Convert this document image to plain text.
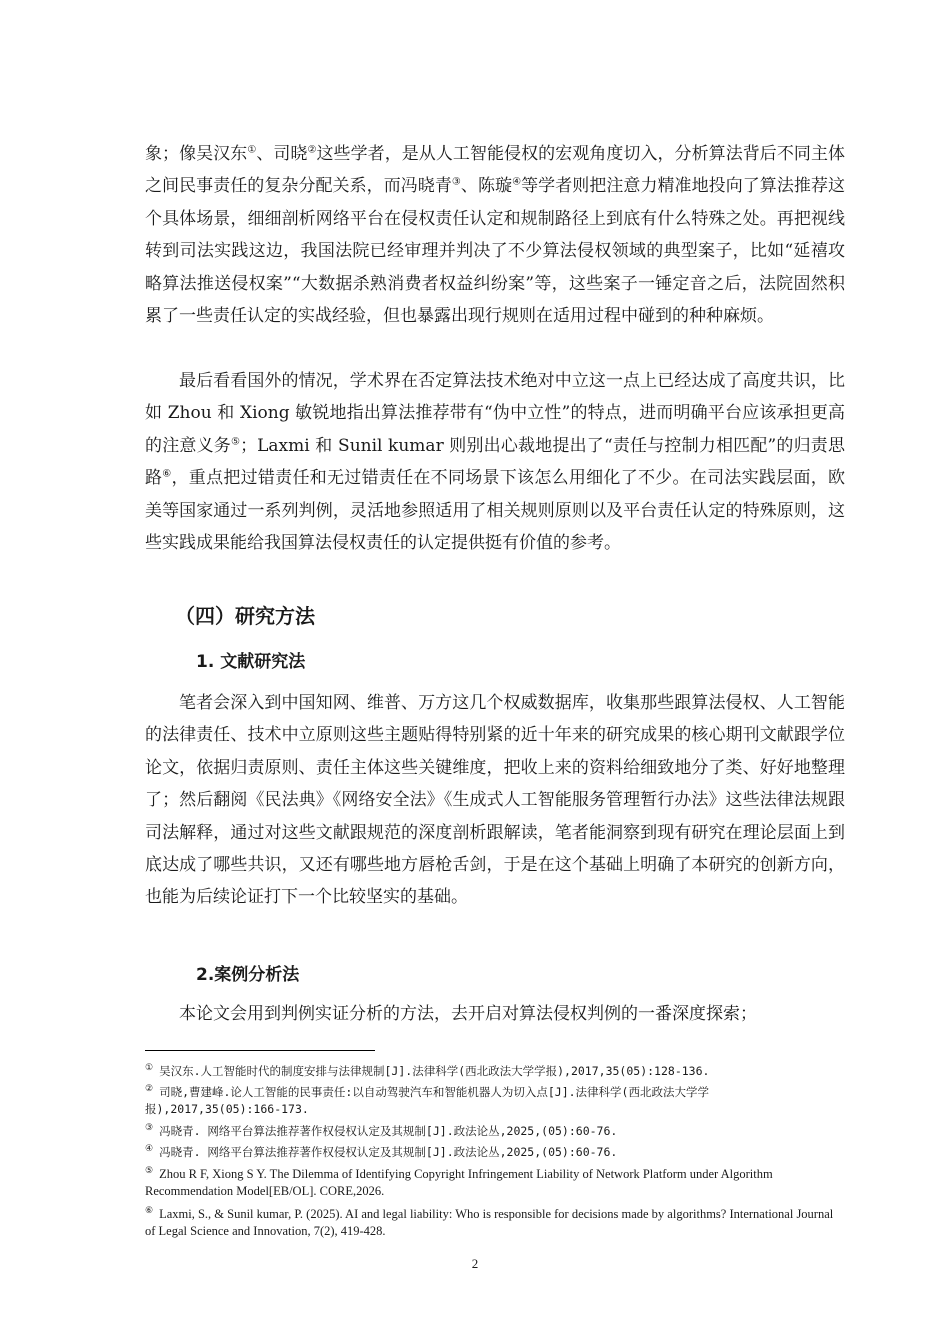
象；像吴汉东①、司晓②这些学者，是从人工智能侵权的宏观角度切入，分析算法背后不同主体之间民事责任的复杂分配关系，而冯晓青③、陈璇④等学者则把注意力精准地投向了算法推荐这个具体场景，细细剖析网络平台在侵权责任认定和规制路径上到底有什么特殊之处。再把视线转到司法实践这边，我国法院已经审理并判决了不少算法侵权领域的典型案子，比如“延禧攻略算法推送侵权案”“大数据杀熟消费者权益纠纷案”等，这些案子一锤定音之后，法院固然积累了一些责任认定的实战经验，但也暴露出现行规则在适用过程中碰到的种种麻烦。

最后看看国外的情况，学术界在否定算法技术绝对中立这一点上已经达成了高度共识，比如 Zhou 和 Xiong 敏锐地指出算法推荐带有“伪中立性”的特点，进而明确平台应该承担更高的注意义务⑤；Laxmi 和 Sunil kumar 则别出心裁地提出了“责任与控制力相匹配”的归责思路⑥，重点把过错责任和无过错责任在不同场景下该怎么用细化了不少。在司法实践层面，欧美等国家通过一系列判例，灵活地参照适用了相关规则原则以及平台责任认定的特殊原则，这些实践成果能给我国算法侵权责任的认定提供挺有价值的参考。

（四）研究方法
1. 文献研究法

笔者会深入到中国知网、维普、万方这几个权威数据库，收集那些跟算法侵权、人工智能的法律责任、技术中立原则这些主题贴得特别紧的近十年来的研究成果的核心期刊文献跟学位论文，依据归责原则、责任主体这些关键维度，把收上来的资料给细致地分了类、好好地整理了；然后翻阅《民法典》《网络安全法》《生成式人工智能服务管理暂行办法》这些法律法规跟司法解释，通过对这些文献跟规范的深度剖析跟解读，笔者能洞察到现有研究在理论层面上到底达成了哪些共识，又还有哪些地方唇枪舌剑，于是在这个基础上明确了本研究的创新方向，也能为后续论证打下一个比较坚实的基础。

2.案例分析法

本论文会用到判例实证分析的方法，去开启对算法侵权判例的一番深度探索；

① 吴汉东.人工智能时代的制度安排与法律规制[J].法律科学(西北政法大学学报),2017,35(05):128-136.
② 司晓,曹建峰.论人工智能的民事责任:以自动驾驶汽车和智能机器人为切入点[J].法律科学(西北政法大学学报),2017,35(05):166-173.
③ 冯晓青. 网络平台算法推荐著作权侵权认定及其规制[J].政法论丛,2025,(05):60-76.
④ 冯晓青. 网络平台算法推荐著作权侵权认定及其规制[J].政法论丛,2025,(05):60-76.
⑤ Zhou R F, Xiong S Y. The Dilemma of Identifying Copyright Infringement Liability of Network Platform under Algorithm Recommendation Model[EB/OL]. CORE,2026.
⑥ Laxmi, S., & Sunil kumar, P. (2025). AI and legal liability: Who is responsible for decisions made by algorithms? International Journal of Legal Science and Innovation, 7(2), 419-428.
2
